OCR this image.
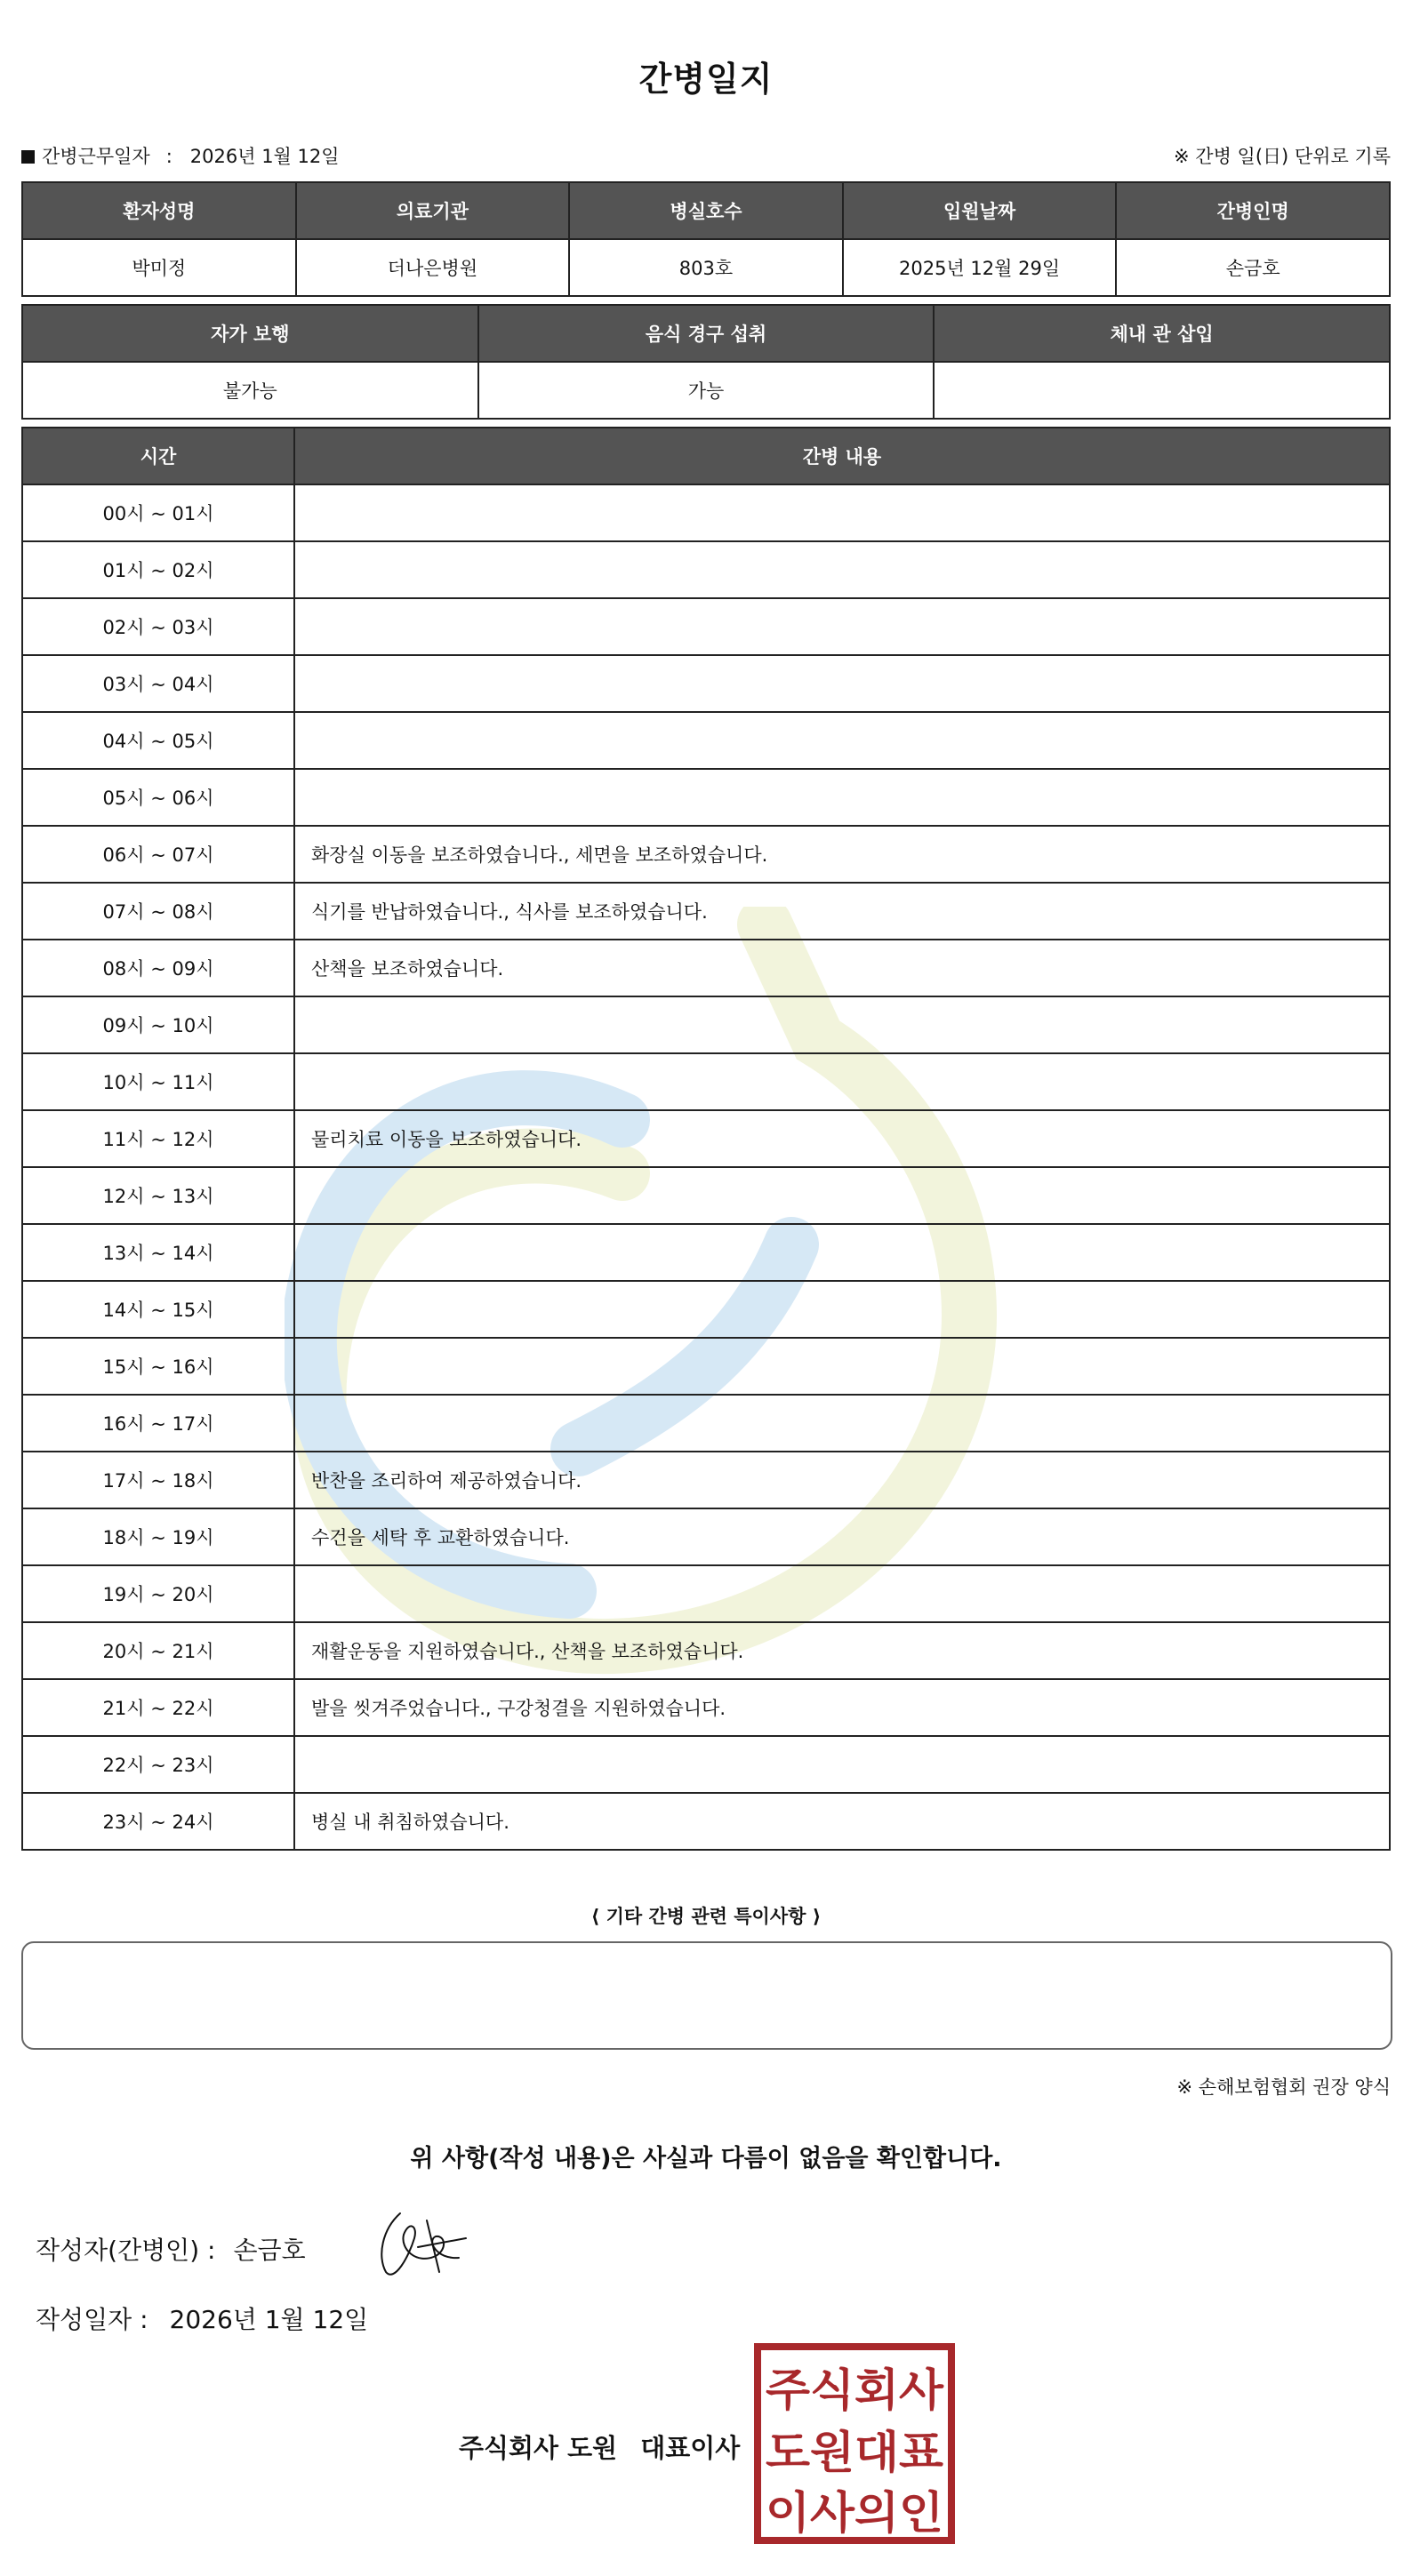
간병일지
간병근무일자 : 2026년 1월 12일	※ 간병 일(日) 단위로 기록
환자성명	의료기관	병실호수	입원날짜	간병인명
박미정	더나은병원	803호	2025년 12월 29일	손금호
자가 보행	음식 경구 섭취	체내 관 삽입
불가능	가능	
시간	간병 내용
00시 ~ 01시	
01시 ~ 02시	
02시 ~ 03시	
03시 ~ 04시	
04시 ~ 05시	
05시 ~ 06시	
06시 ~ 07시	화장실 이동을 보조하였습니다., 세면을 보조하였습니다.
07시 ~ 08시	식기를 반납하였습니다., 식사를 보조하였습니다.
08시 ~ 09시	산책을 보조하였습니다.
09시 ~ 10시	
10시 ~ 11시	
11시 ~ 12시	물리치료 이동을 보조하였습니다.
12시 ~ 13시	
13시 ~ 14시	
14시 ~ 15시	
15시 ~ 16시	
16시 ~ 17시	
17시 ~ 18시	반찬을 조리하여 제공하였습니다.
18시 ~ 19시	수건을 세탁 후 교환하였습니다.
19시 ~ 20시	
20시 ~ 21시	재활운동을 지원하였습니다., 산책을 보조하였습니다.
21시 ~ 22시	발을 씻겨주었습니다., 구강청결을 지원하였습니다.
22시 ~ 23시	
23시 ~ 24시	병실 내 취침하였습니다.
⟨ 기타 간병 관련 특이사항 ⟩
※ 손해보험협회 권장 양식
위 사항(작성 내용)은 사실과 다름이 없음을 확인합니다.
작성자(간병인) : 손금호
작성일자 : 2026년 1월 12일
주식회사 도원 대표이사
주식회사
도원대표
이사의인
